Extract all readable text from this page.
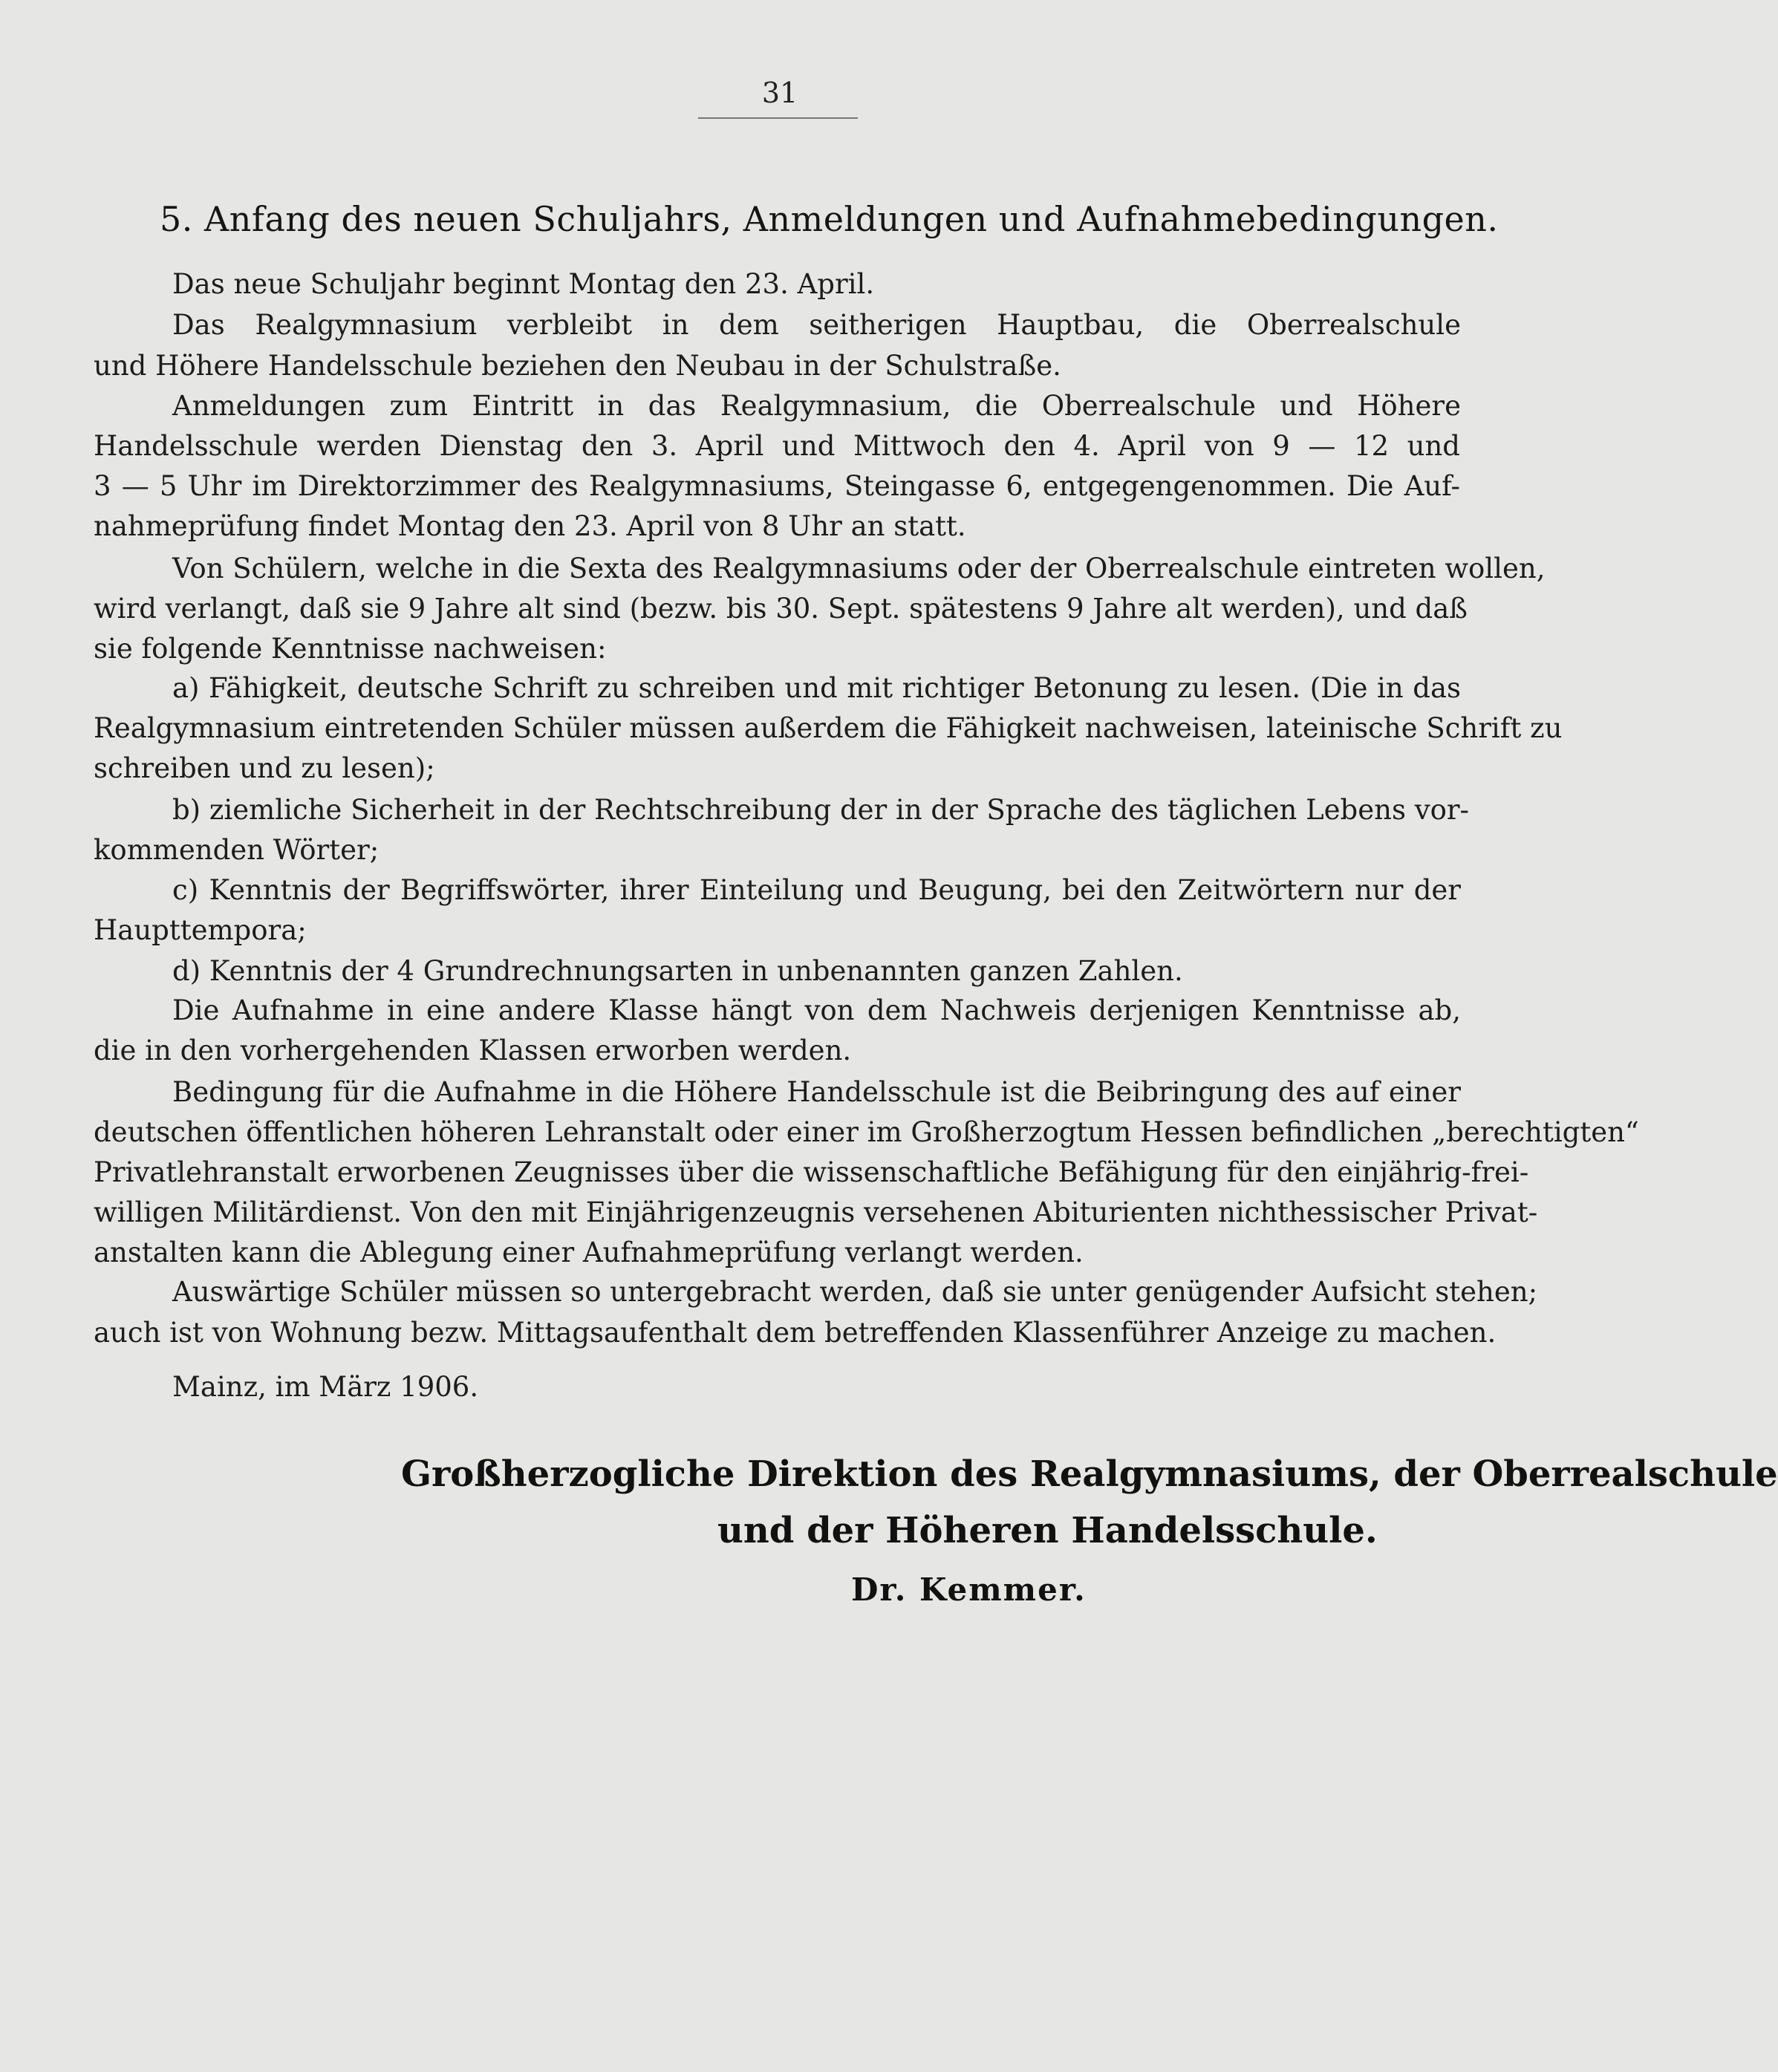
31
5. Anfang des neuen Schuljahrs, Anmeldungen und Aufnahmebedingungen.
Das neue Schuljahr beginnt Montag den 23. April.
Das Realgymnasium verbleibt in dem seitherigen Hauptbau, die Oberrealschule
und Höhere Handelsschule beziehen den Neubau in der Schulstraße.
Anmeldungen zum Eintritt in das Realgymnasium, die Oberrealschule und Höhere
Handelsschule werden Dienstag den 3. April und Mittwoch den 4. April von 9 — 12 und
3 — 5 Uhr im Direktorzimmer des Realgymnasiums, Steingasse 6, entgegengenommen. Die Auf-
nahmeprüfung findet Montag den 23. April von 8 Uhr an statt.
Von Schülern, welche in die Sexta des Realgymnasiums oder der Oberrealschule eintreten wollen,
wird verlangt, daß sie 9 Jahre alt sind (bezw. bis 30. Sept. spätestens 9 Jahre alt werden), und daß
sie folgende Kenntnisse nachweisen:
a) Fähigkeit, deutsche Schrift zu schreiben und mit richtiger Betonung zu lesen. (Die in das
Realgymnasium eintretenden Schüler müssen außerdem die Fähigkeit nachweisen, lateinische Schrift zu
schreiben und zu lesen);
b) ziemliche Sicherheit in der Rechtschreibung der in der Sprache des täglichen Lebens vor-
kommenden Wörter;
c) Kenntnis der Begriffswörter, ihrer Einteilung und Beugung, bei den Zeitwörtern nur der
Haupttempora;
d) Kenntnis der 4 Grundrechnungsarten in unbenannten ganzen Zahlen.
Die Aufnahme in eine andere Klasse hängt von dem Nachweis derjenigen Kenntnisse ab,
die in den vorhergehenden Klassen erworben werden.
Bedingung für die Aufnahme in die Höhere Handelsschule ist die Beibringung des auf einer
deutschen öffentlichen höheren Lehranstalt oder einer im Großherzogtum Hessen befindlichen „berechtigten“
Privatlehranstalt erworbenen Zeugnisses über die wissenschaftliche Befähigung für den einjährig-frei-
willigen Militärdienst. Von den mit Einjährigenzeugnis versehenen Abiturienten nichthessischer Privat-
anstalten kann die Ablegung einer Aufnahmeprüfung verlangt werden.
Auswärtige Schüler müssen so untergebracht werden, daß sie unter genügender Aufsicht stehen;
auch ist von Wohnung bezw. Mittagsaufenthalt dem betreffenden Klassenführer Anzeige zu machen.
Mainz, im März 1906.
Großherzogliche Direktion des Realgymnasiums, der Oberrealschule
und der Höheren Handelsschule.
Dr. Kemmer.
